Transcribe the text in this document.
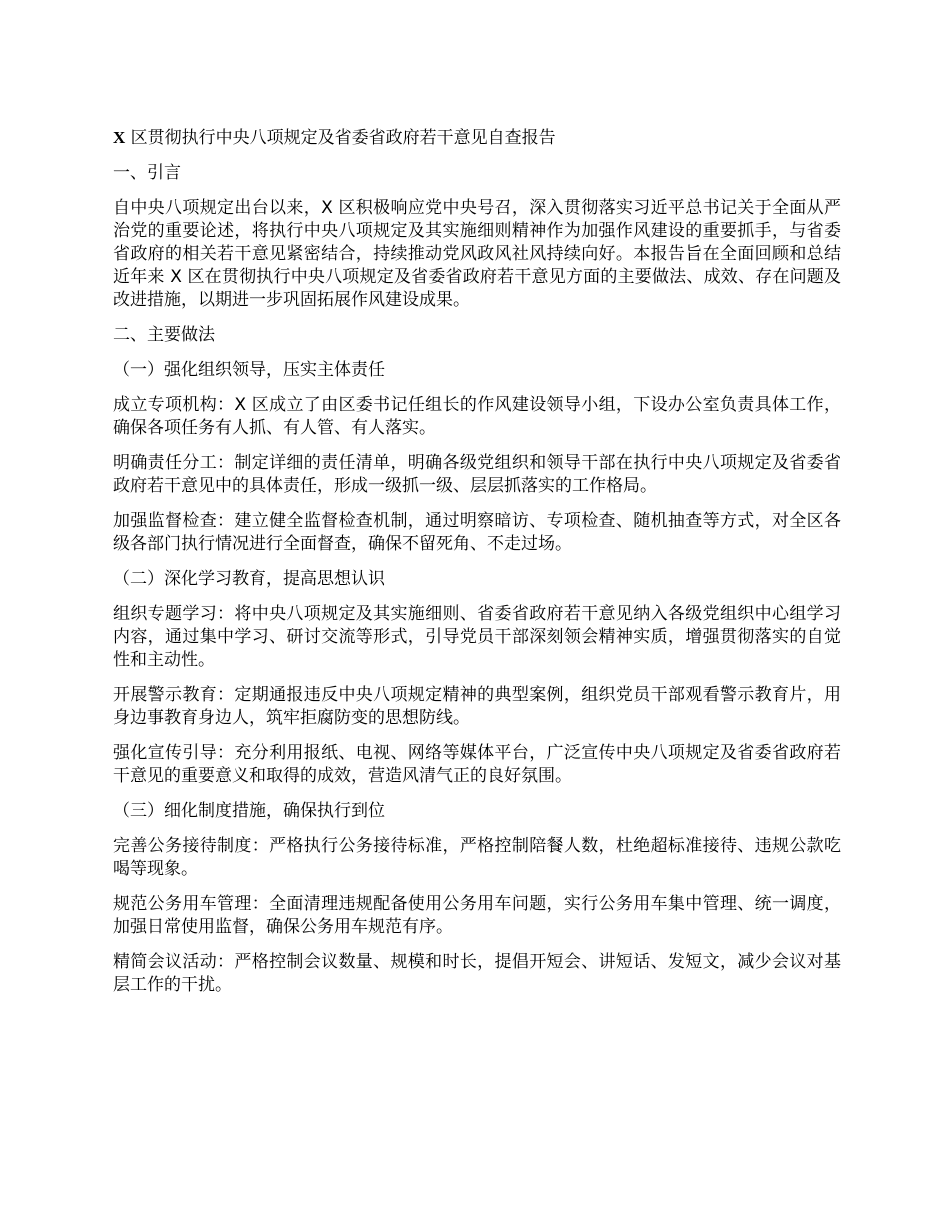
X 区贯彻执行中央八项规定及省委省政府若干意见自查报告
一、引言
自中央八项规定出台以来，X 区积极响应党中央号召，深入贯彻落实习近平总书记关于全面从严治党的重要论述，将执行中央八项规定及其实施细则精神作为加强作风建设的重要抓手，与省委省政府的相关若干意见紧密结合，持续推动党风政风社风持续向好。本报告旨在全面回顾和总结近年来 X 区在贯彻执行中央八项规定及省委省政府若干意见方面的主要做法、成效、存在问题及改进措施，以期进一步巩固拓展作风建设成果。
二、主要做法
（一）强化组织领导，压实主体责任
成立专项机构：X 区成立了由区委书记任组长的作风建设领导小组，下设办公室负责具体工作，确保各项任务有人抓、有人管、有人落实。
明确责任分工：制定详细的责任清单，明确各级党组织和领导干部在执行中央八项规定及省委省政府若干意见中的具体责任，形成一级抓一级、层层抓落实的工作格局。
加强监督检查：建立健全监督检查机制，通过明察暗访、专项检查、随机抽查等方式，对全区各级各部门执行情况进行全面督查，确保不留死角、不走过场。
（二）深化学习教育，提高思想认识
组织专题学习：将中央八项规定及其实施细则、省委省政府若干意见纳入各级党组织中心组学习内容，通过集中学习、研讨交流等形式，引导党员干部深刻领会精神实质，增强贯彻落实的自觉性和主动性。
开展警示教育：定期通报违反中央八项规定精神的典型案例，组织党员干部观看警示教育片，用身边事教育身边人，筑牢拒腐防变的思想防线。
强化宣传引导：充分利用报纸、电视、网络等媒体平台，广泛宣传中央八项规定及省委省政府若干意见的重要意义和取得的成效，营造风清气正的良好氛围。
（三）细化制度措施，确保执行到位
完善公务接待制度：严格执行公务接待标准，严格控制陪餐人数，杜绝超标准接待、违规公款吃喝等现象。
规范公务用车管理：全面清理违规配备使用公务用车问题，实行公务用车集中管理、统一调度，加强日常使用监督，确保公务用车规范有序。
精简会议活动：严格控制会议数量、规模和时长，提倡开短会、讲短话、发短文，减少会议对基层工作的干扰。
